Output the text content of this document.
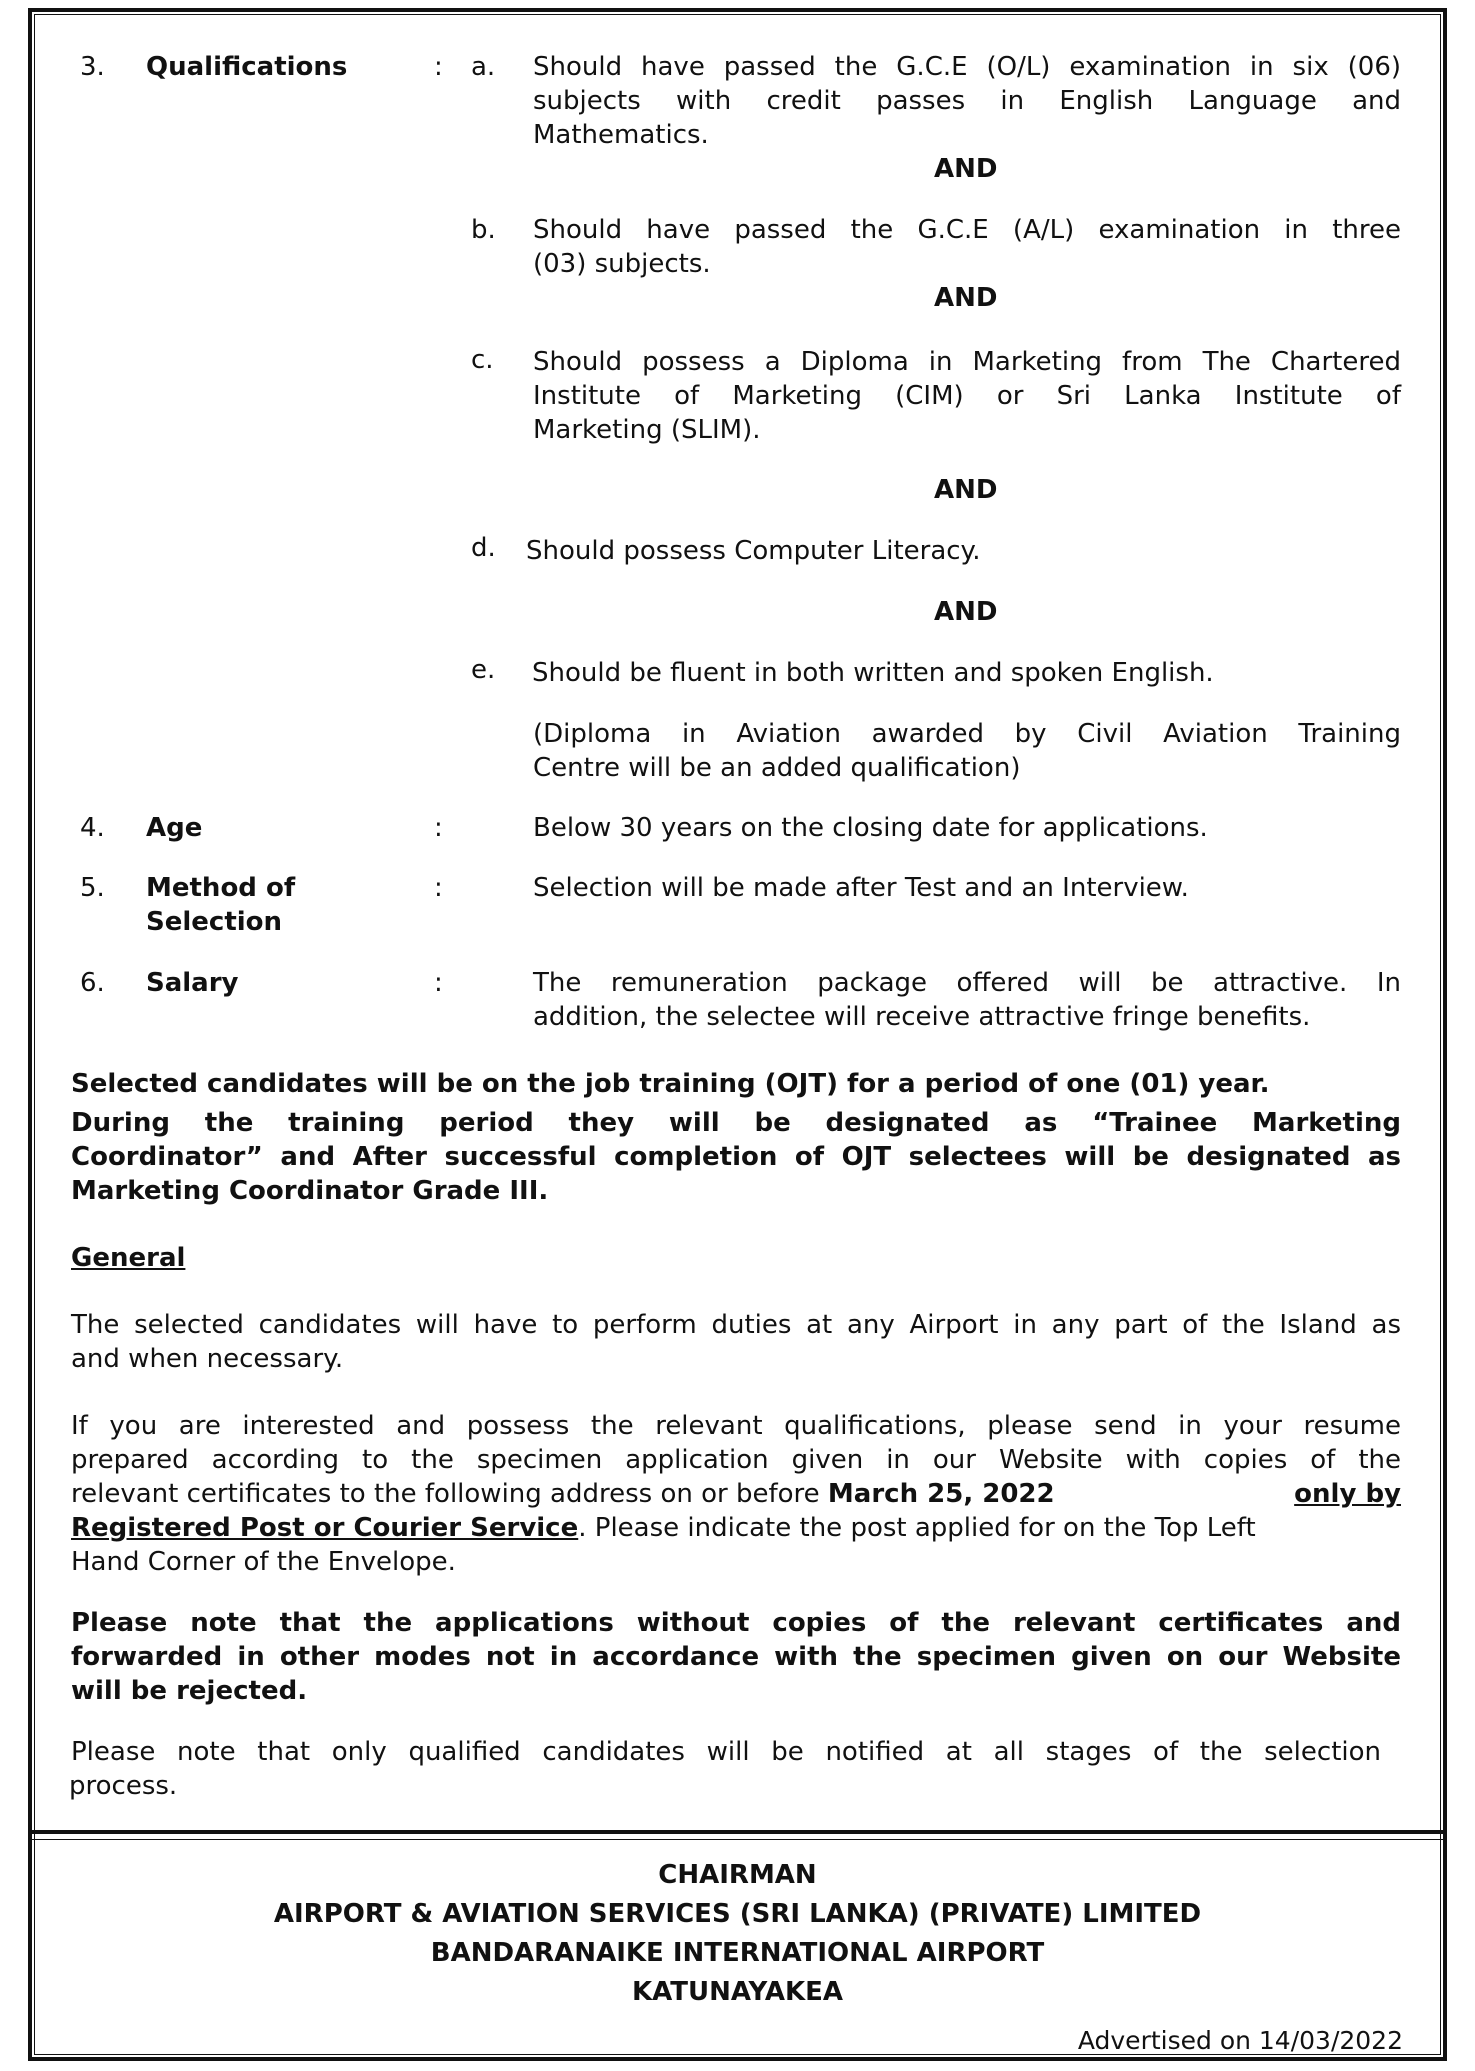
3. Qualifications	: a. Should have passed the G.C.E (O/L) examination in six (06)
subjects with credit passes in English Language and
Mathematics.
AND
b. Should have passed the G.C.E (A/L) examination in three
(03) subjects.
AND
c. Should possess a Diploma in Marketing from The Chartered
Institute of Marketing (CIM) or Sri Lanka Institute of
Marketing (SLIM).
AND
d. Should possess Computer Literacy.
AND
e. Should be fluent in both written and spoken English.
(Diploma in Aviation awarded by Civil Aviation Training
Centre will be an added qualification)
4. Age	:	Below 30 years on the closing date for applications.
5. Method of
Selection
:	Selection will be made after Test and an Interview.
6. Salary	:	The remuneration package offered will be attractive. In
addition, the selectee will receive attractive fringe benefits.
Selected candidates will be on the job training (OJT) for a period of one (01) year.
During the training period they will be designated as “Trainee Marketing
Coordinator” and After successful completion of OJT selectees will be designated as
Marketing Coordinator Grade III.
General
The selected candidates will have to perform duties at any Airport in any part of the Island as
and when necessary.
If you are interested and possess the relevant qualifications, please send in your resume
prepared according to the specimen application given in our Website with copies of the
relevant certificates to the following address on or before March 25, 2022	only by
Registered Post or Courier Service. Please indicate the post applied for on the Top Left
Hand Corner of the Envelope.
Please note that the applications without copies of the relevant certificates and
forwarded in other modes not in accordance with the specimen given on our Website
will be rejected.
Please note that only qualified candidates will be notified at all stages of the selection
process.
CHAIRMAN
AIRPORT & AVIATION SERVICES (SRI LANKA) (PRIVATE) LIMITED
BANDARANAIKE INTERNATIONAL AIRPORT
KATUNAYAKEA
Advertised on 14/03/2022
